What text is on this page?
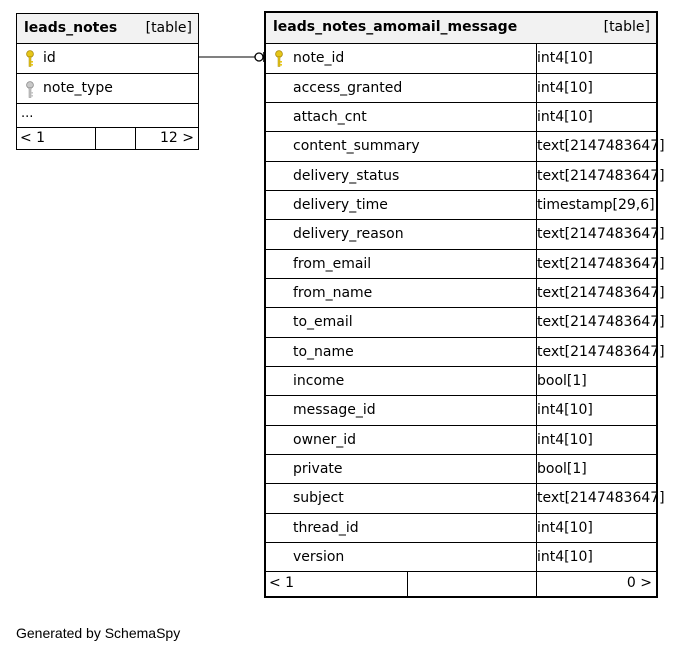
leads_notes [table]
id
note_type
...
< 1	12 >
leads_notes_amomail_message	[table]
note_id	int4[10]
access_granted	int4[10]
attach_cnt	int4[10]
content_summary	text[2147483647]
delivery_status	text[2147483647]
delivery_time	timestamp[29,6]
delivery_reason	text[2147483647]
from_email	text[2147483647]
from_name	text[2147483647]
to_email	text[2147483647]
to_name	text[2147483647]
income	bool[1]
message_id	int4[10]
owner_id	int4[10]
private	bool[1]
subject	text[2147483647]
thread_id	int4[10]
version	int4[10]
< 1	0 >
Generated by SchemaSpy
